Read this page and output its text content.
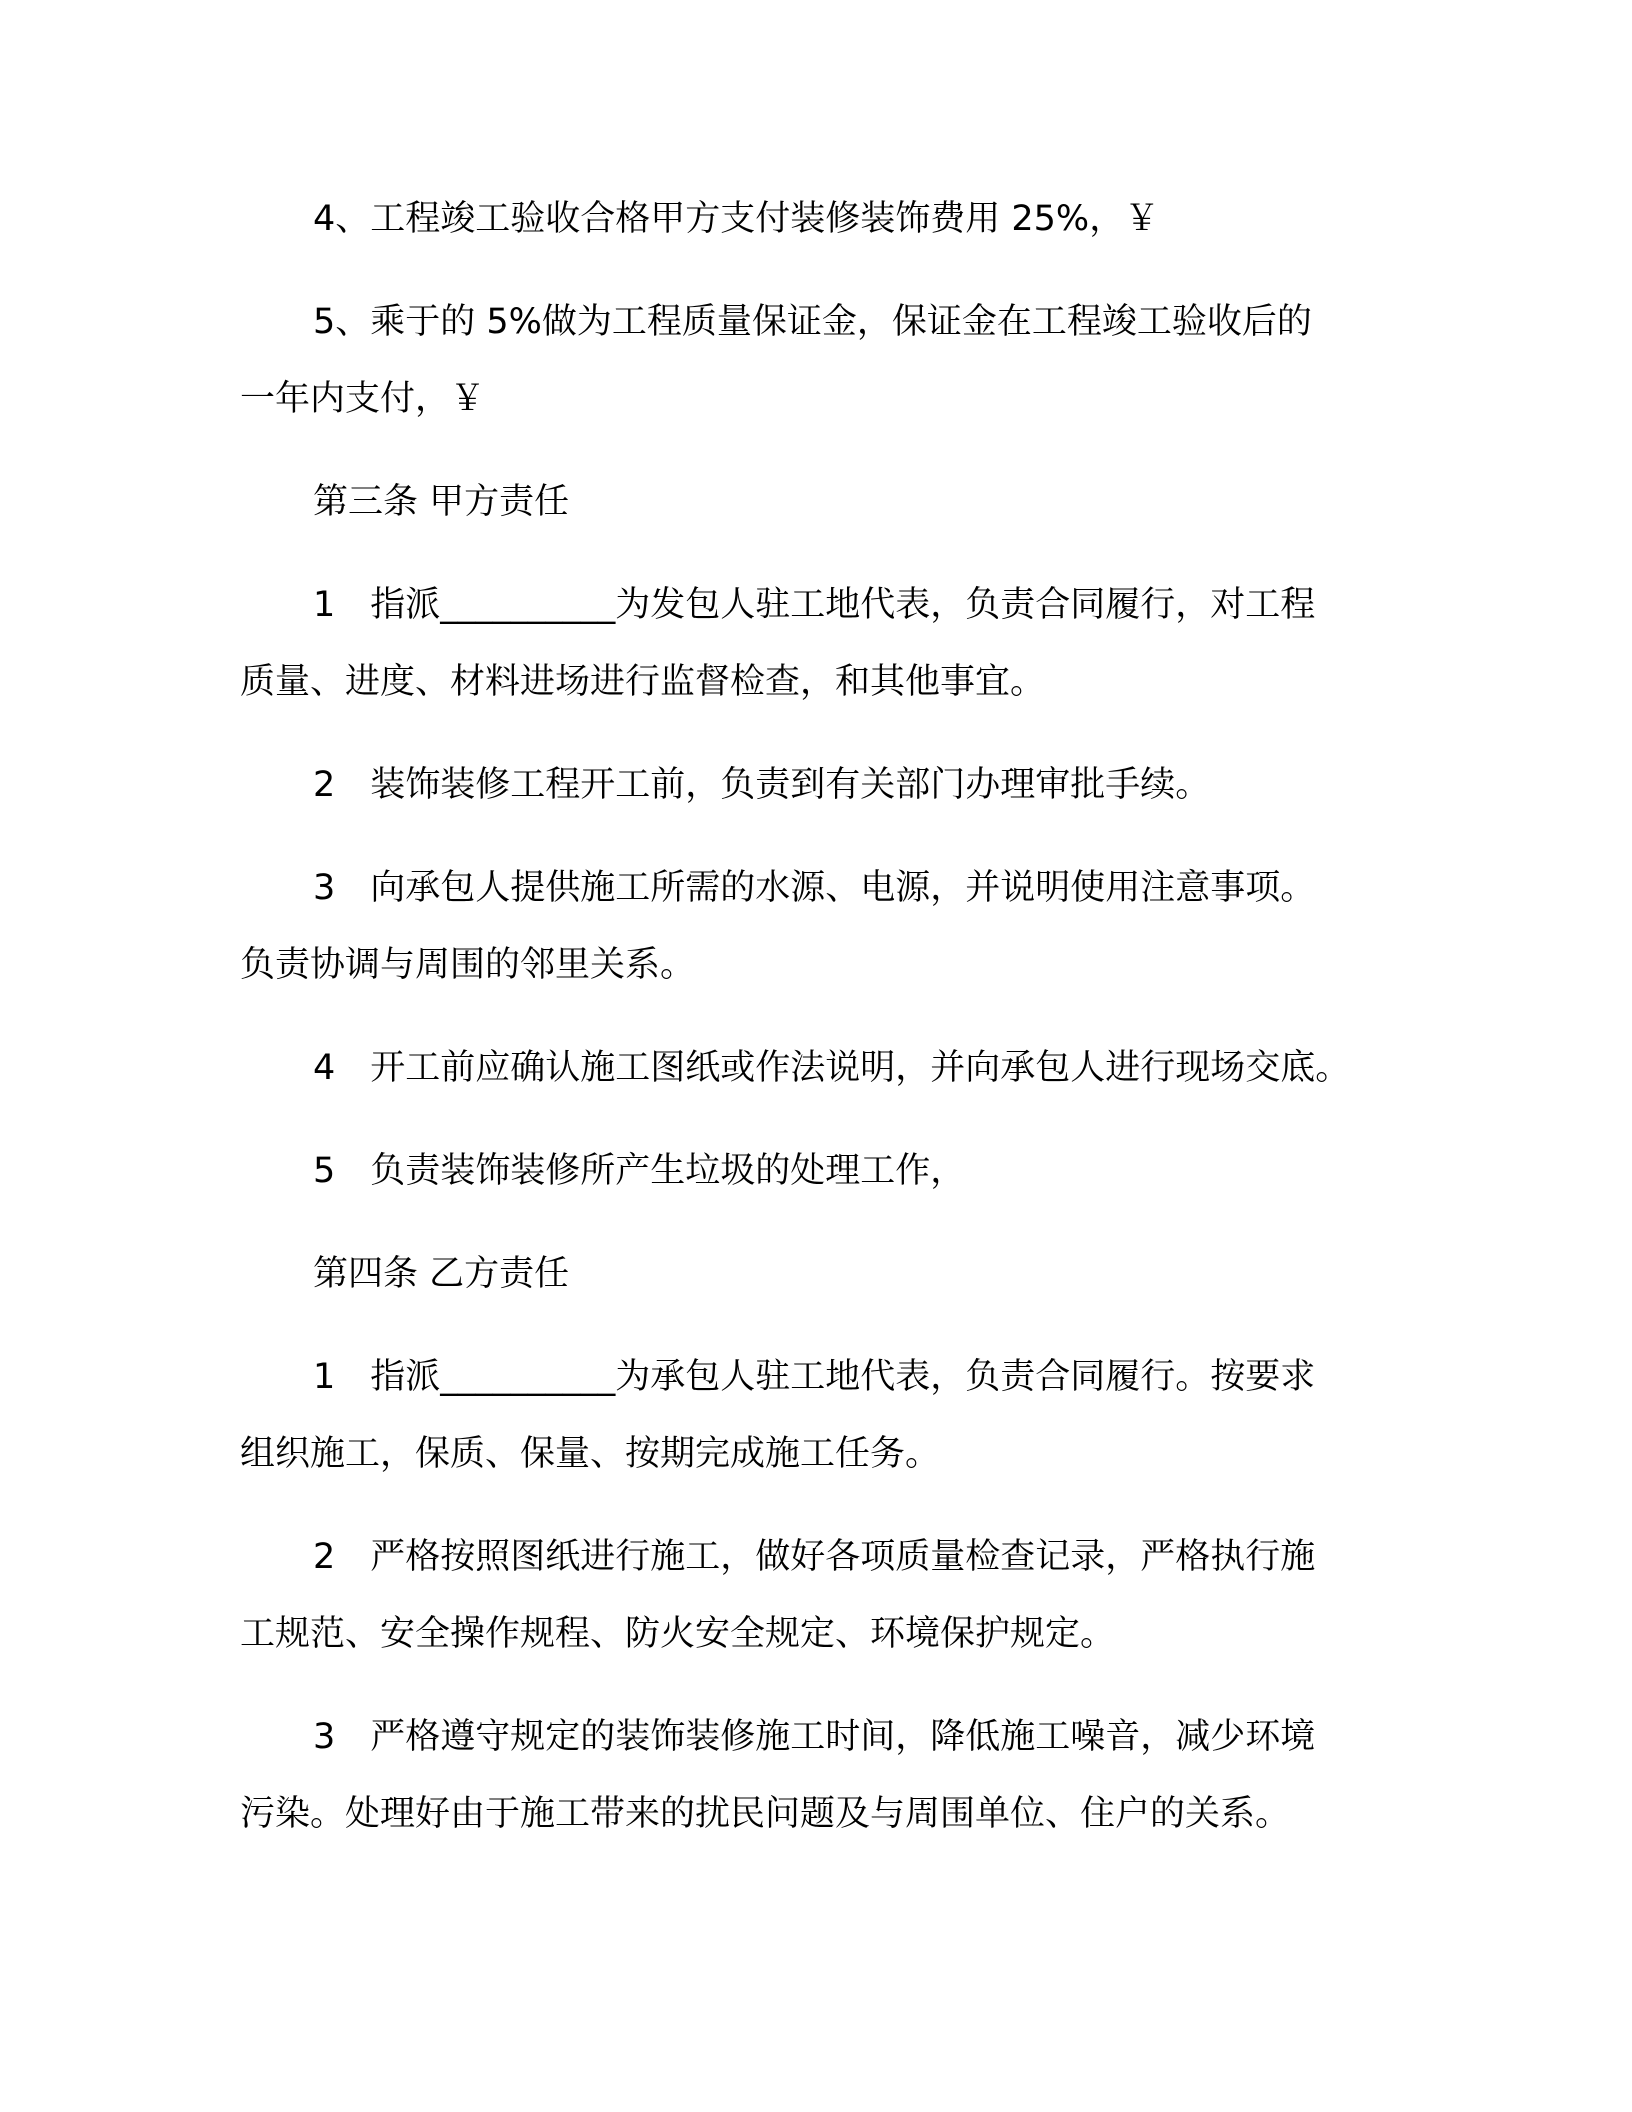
4、工程竣工验收合格甲方支付装修装饰费用 25%，￥
5、乘于的 5%做为工程质量保证金，保证金在工程竣工验收后的
一年内支付，￥
第三条 甲方责任
1　指派__________为发包人驻工地代表，负责合同履行，对工程
质量、进度、材料进场进行监督检查，和其他事宜。
2　装饰装修工程开工前，负责到有关部门办理审批手续。
3　向承包人提供施工所需的水源、电源，并说明使用注意事项。
负责协调与周围的邻里关系。
4　开工前应确认施工图纸或作法说明，并向承包人进行现场交底。
5　负责装饰装修所产生垃圾的处理工作，
第四条 乙方责任
1　指派__________为承包人驻工地代表，负责合同履行。按要求
组织施工，保质、保量、按期完成施工任务。
2　严格按照图纸进行施工，做好各项质量检查记录，严格执行施
工规范、安全操作规程、防火安全规定、环境保护规定。
3　严格遵守规定的装饰装修施工时间，降低施工噪音，减少环境
污染。处理好由于施工带来的扰民问题及与周围单位、住户的关系。
